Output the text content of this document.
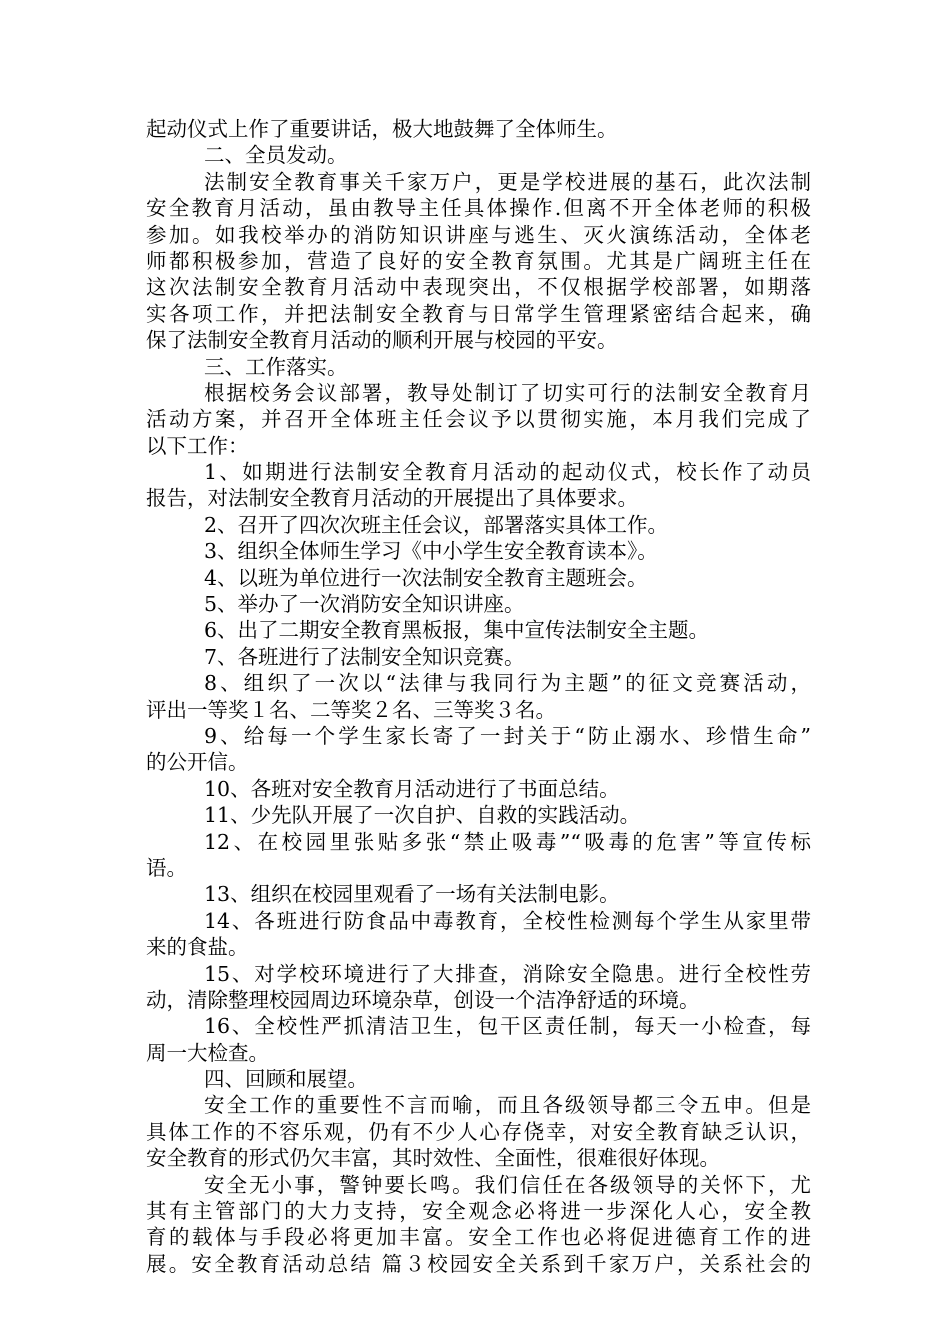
起动仪式上作了重要讲话，极大地鼓舞了全体师生。
二、全员发动。
法制安全教育事关千家万户，更是学校进展的基石，此次法制
安全教育月活动，虽由教导主任具体操作.但离不开全体老师的积极
参加。如我校举办的消防知识讲座与逃生、灭火演练活动，全体老
师都积极参加，营造了良好的安全教育氛围。尤其是广阔班主任在
这次法制安全教育月活动中表现突出，不仅根据学校部署，如期落
实各项工作，并把法制安全教育与日常学生管理紧密结合起来，确
保了法制安全教育月活动的顺利开展与校园的平安。
三、工作落实。
根据校务会议部署，教导处制订了切实可行的法制安全教育月
活动方案，并召开全体班主任会议予以贯彻实施，本月我们完成了
以下工作：
1、如期进行法制安全教育月活动的起动仪式，校长作了动员
报告，对法制安全教育月活动的开展提出了具体要求。
2、召开了四次次班主任会议，部署落实具体工作。
3、组织全体师生学习《中小学生安全教育读本》。
4、以班为单位进行一次法制安全教育主题班会。
5、举办了一次消防安全知识讲座。
6、出了二期安全教育黑板报，集中宣传法制安全主题。
7、各班进行了法制安全知识竞赛。
8、组织了一次以“法律与我同行为主题”的征文竞赛活动，
评出一等奖１名、二等奖２名、三等奖３名。
9、给每一个学生家长寄了一封关于“防止溺水、珍惜生命”
的公开信。
10、各班对安全教育月活动进行了书面总结。
11、少先队开展了一次自护、自救的实践活动。
12、在校园里张贴多张“禁止吸毒”“吸毒的危害”等宣传标
语。
13、组织在校园里观看了一场有关法制电影。
14、各班进行防食品中毒教育，全校性检测每个学生从家里带
来的食盐。
15、对学校环境进行了大排查，消除安全隐患。进行全校性劳
动，清除整理校园周边环境杂草，创设一个洁净舒适的环境。
16、全校性严抓清洁卫生，包干区责任制，每天一小检查，每
周一大检查。
四、回顾和展望。
安全工作的重要性不言而喻，而且各级领导都三令五申。但是
具体工作的不容乐观，仍有不少人心存侥幸，对安全教育缺乏认识，
安全教育的形式仍欠丰富，其时效性、全面性，很难很好体现。
安全无小事，警钟要长鸣。我们信任在各级领导的关怀下，尤
其有主管部门的大力支持，安全观念必将进一步深化人心，安全教
育的载体与手段必将更加丰富。安全工作也必将促进德育工作的进
展。安全教育活动总结 篇３校园安全关系到千家万户，关系社会的
